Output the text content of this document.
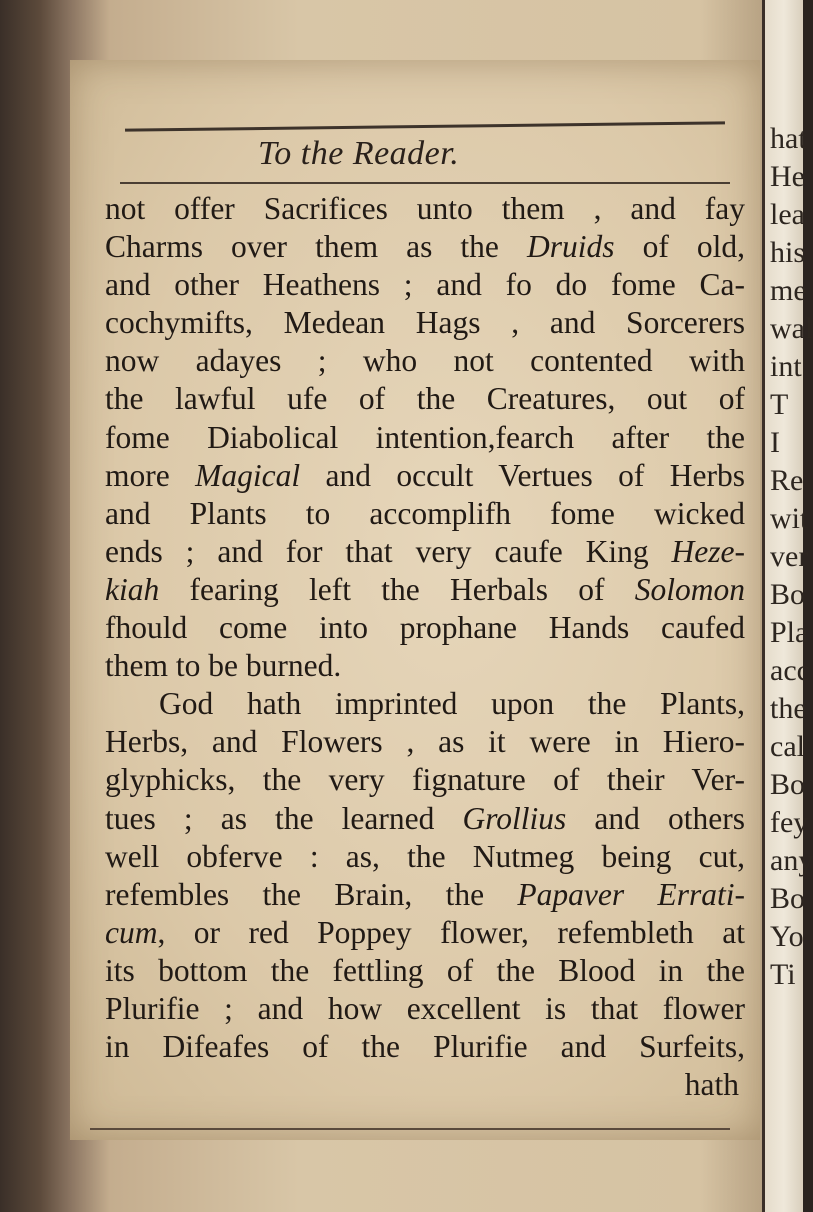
hat
He
lea
his
me
wal
int
T
I
Re
wit
ver
Bo
Pla
acc
the
cal
Bo
fey
any
Bo
Yo
Ti
To the Reader.
not offer Sacrifices unto them , and fay
Charms over them as the Druids of old,
and other Heathens ; and fo do fome Ca-
cochymifts, Medean Hags , and Sorcerers
now adayes ; who not contented with
the lawful ufe of the Creatures, out of
fome Diabolical intention,fearch after the
more Magical and occult Vertues of Herbs
and Plants to accomplifh fome wicked
ends ; and for that very caufe King Heze-
kiah fearing left the Herbals of Solomon
fhould come into prophane Hands caufed
them to be burned.
God hath imprinted upon the Plants,
Herbs, and Flowers , as it were in Hiero-
glyphicks, the very fignature of their Ver-
tues ; as the learned Grollius and others
well obferve : as, the Nutmeg being cut,
refembles the Brain, the Papaver Errati-
cum, or red Poppey flower, refembleth at
its bottom the fettling of the Blood in the
Plurifie ; and how excellent is that flower
in Difeafes of the Plurifie and Surfeits,
hath
